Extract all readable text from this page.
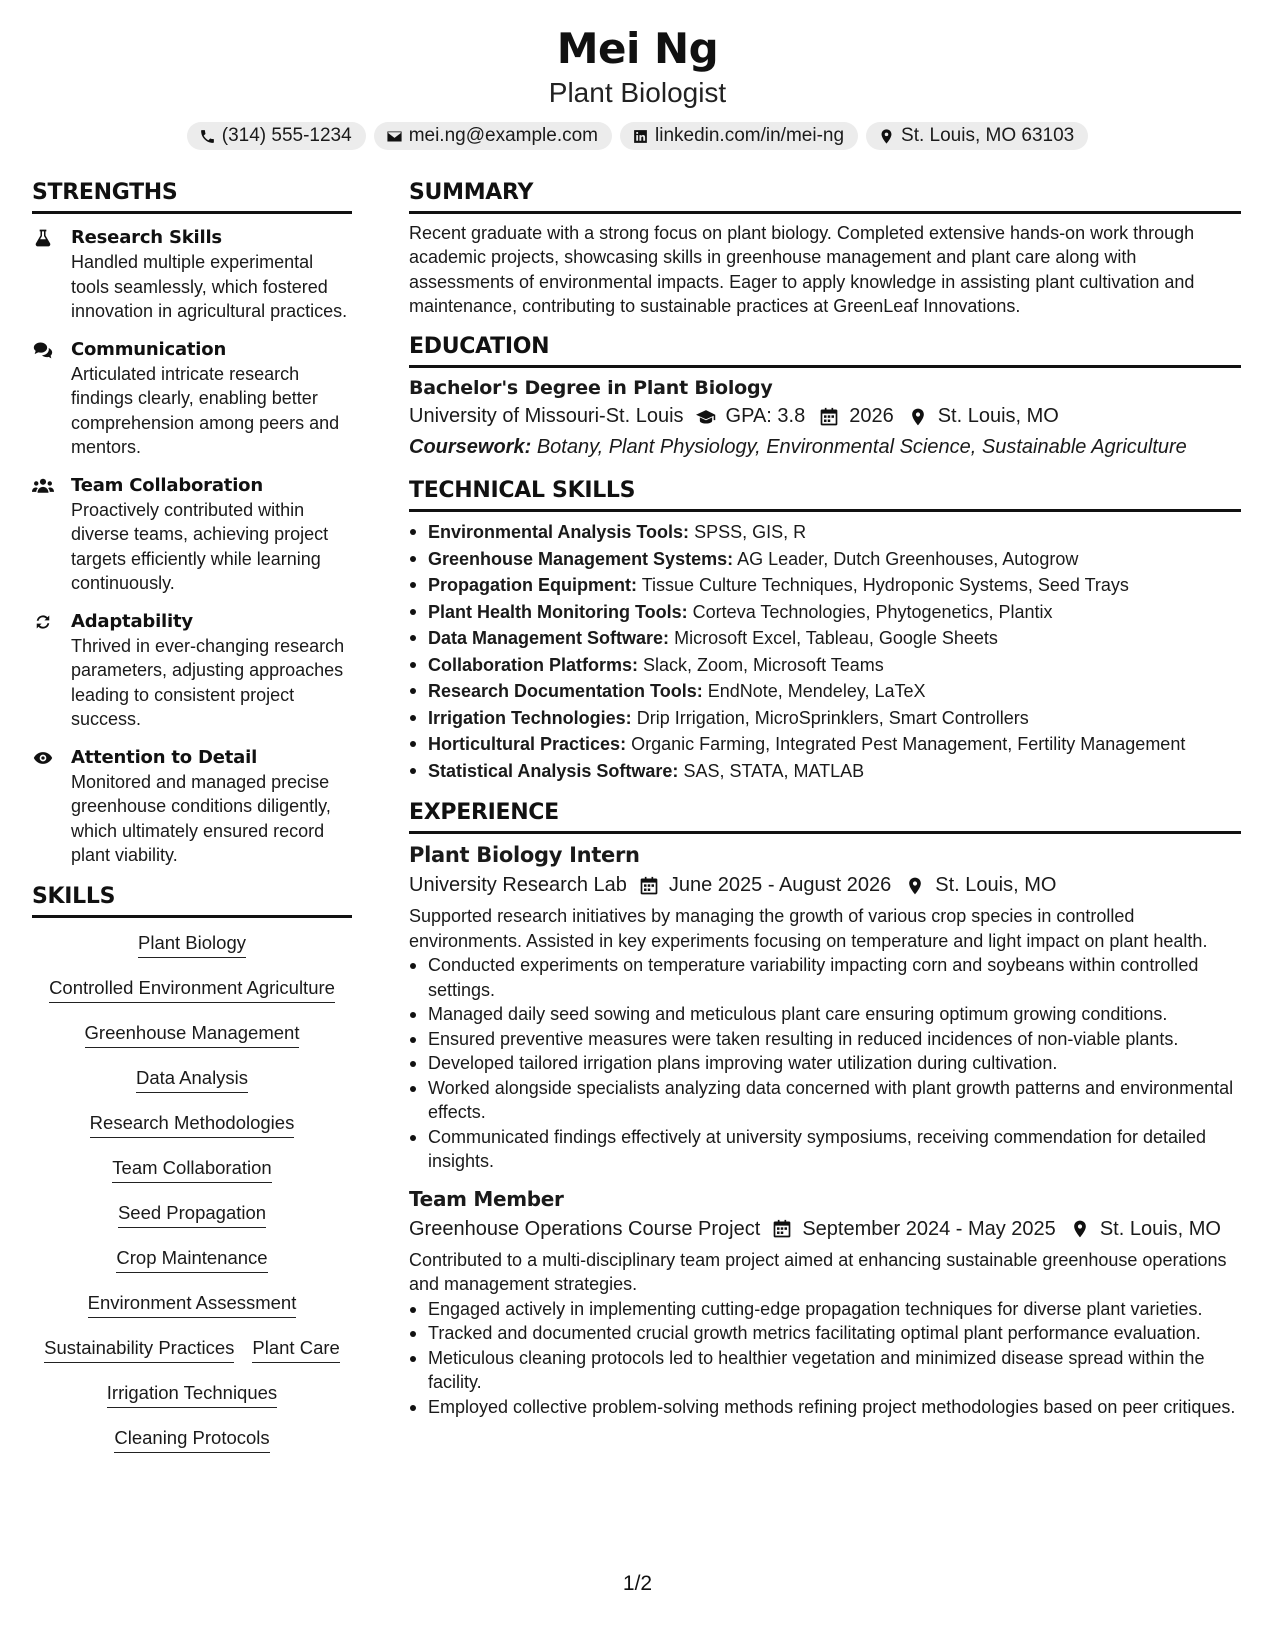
Mei Ng
Plant Biologist
(314) 555-1234	mei.ng@example.com	linkedin.com/in/mei-ng	St. Louis, MO 63103
STRENGTHS
Research Skills
Handled multiple experimental tools seamlessly, which fostered innovation in agricultural practices.
Communication
Articulated intricate research findings clearly, enabling better comprehension among peers and mentors.
Team Collaboration
Proactively contributed within diverse teams, achieving project targets efficiently while learning continuously.
Adaptability
Thrived in ever-changing research parameters, adjusting approaches leading to consistent project success.
Attention to Detail
Monitored and managed precise greenhouse conditions diligently, which ultimately ensured record plant viability.
SKILLS
Plant Biology
Controlled Environment Agriculture
Greenhouse Management
Data Analysis
Research Methodologies
Team Collaboration
Seed Propagation
Crop Maintenance
Environment Assessment
Sustainability Practices Plant Care
Irrigation Techniques
Cleaning Protocols
SUMMARY
Recent graduate with a strong focus on plant biology. Completed extensive hands-on work through academic projects, showcasing skills in greenhouse management and plant care along with assessments of environmental impacts. Eager to apply knowledge in assisting plant cultivation and maintenance, contributing to sustainable practices at GreenLeaf Innovations.
EDUCATION
Bachelor's Degree in Plant Biology
University of Missouri-St. Louis GPA: 3.8 2026 St. Louis, MO
Coursework: Botany, Plant Physiology, Environmental Science, Sustainable Agriculture
TECHNICAL SKILLS
Environmental Analysis Tools: SPSS, GIS, R
Greenhouse Management Systems: AG Leader, Dutch Greenhouses, Autogrow
Propagation Equipment: Tissue Culture Techniques, Hydroponic Systems, Seed Trays
Plant Health Monitoring Tools: Corteva Technologies, Phytogenetics, Plantix
Data Management Software: Microsoft Excel, Tableau, Google Sheets
Collaboration Platforms: Slack, Zoom, Microsoft Teams
Research Documentation Tools: EndNote, Mendeley, LaTeX
Irrigation Technologies: Drip Irrigation, MicroSprinklers, Smart Controllers
Horticultural Practices: Organic Farming, Integrated Pest Management, Fertility Management
Statistical Analysis Software: SAS, STATA, MATLAB
EXPERIENCE
Plant Biology Intern
University Research Lab June 2025 - August 2026 St. Louis, MO
Supported research initiatives by managing the growth of various crop species in controlled environments. Assisted in key experiments focusing on temperature and light impact on plant health.
Conducted experiments on temperature variability impacting corn and soybeans within controlled settings.
Managed daily seed sowing and meticulous plant care ensuring optimum growing conditions.
Ensured preventive measures were taken resulting in reduced incidences of non-viable plants.
Developed tailored irrigation plans improving water utilization during cultivation.
Worked alongside specialists analyzing data concerned with plant growth patterns and environmental effects.
Communicated findings effectively at university symposiums, receiving commendation for detailed insights.
Team Member
Greenhouse Operations Course Project September 2024 - May 2025 St. Louis, MO
Contributed to a multi-disciplinary team project aimed at enhancing sustainable greenhouse operations and management strategies.
Engaged actively in implementing cutting-edge propagation techniques for diverse plant varieties.
Tracked and documented crucial growth metrics facilitating optimal plant performance evaluation.
Meticulous cleaning protocols led to healthier vegetation and minimized disease spread within the facility.
Employed collective problem-solving methods refining project methodologies based on peer critiques.
1/2
